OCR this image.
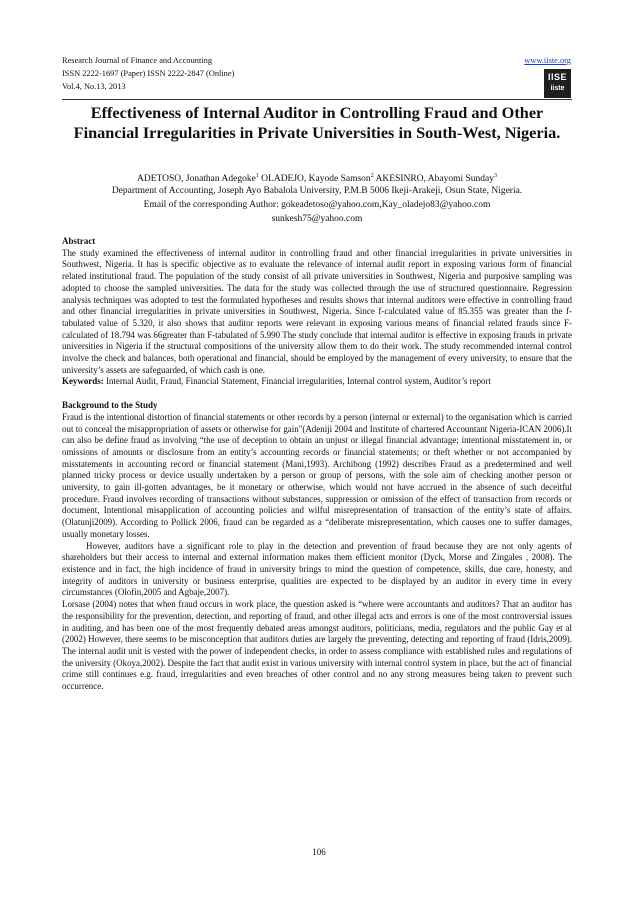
Research Journal of Finance and Accounting
ISSN 2222-1697 (Paper) ISSN 2222-2847 (Online)
Vol.4, No.13, 2013
www.iiste.org
IISE
iiste
Effectiveness of Internal Auditor in Controlling Fraud and Other Financial Irregularities in Private Universities in South-West, Nigeria.
ADETOSO, Jonathan Adegoke$^1$ OLADEJO, Kayode Samson$^2$ AKESINRO, Abayomi Sunday$^3$
Department of Accounting, Joseph Ayo Babalola University, P.M.B 5006 Ikeji-Arakeji, Osun State, Nigeria.
Email of the corresponding Author: gokeadetoso@yahoo.com,Kay_oladejo83@yahoo.com
sunkesh75@yahoo.com

Abstract

The study examined the effectiveness of internal auditor in controlling fraud and other financial irregularities in private universities in Southwest, Nigeria. It has is specific objective as to evaluate the relevance of internal audit report in exposing various form of financial related institutional fraud. The population of the study consist of all private universities in Southwest, Nigeria and purposive sampling was adopted to choose the sampled universities. The data for the study was collected through the use of structured questionnaire. Regression analysis techniques was adopted to test the formulated hypotheses and results shows that internal auditors were effective in controlling fraud and other financial irregularities in private universities in Southwest, Nigeria. Since f-calculated value of 85.355 was greater than the f-tabulated value of 5.320, it also shows that auditor reports were relevant in exposing various means of financial related frauds since F-calculated of 18.794 was 66greater than F-tabulated of 5.990 The study conclude that internal auditor is effective in exposing frauds in private universities in Nigeria if the structural compositions of the university allow them to do their work. The study recommended internal control involve the check and balances, both operational and financial, should be employed by the management of every university, to ensure that the university’s assets are safeguarded, of which cash is one.

Keywords: Internal Audit, Fraud, Financial Statement, Financial irregularities, Internal control system, Auditor’s report

Background to the Study

Fraud is the intentional distortion of financial statements or other records by a person (internal or external) to the organisation which is carried out to conceal the misappropriation of assets or otherwise for gain"(Adeniji 2004 and Institute of chartered Accountant Nigeria-ICAN 2006).It can also be define fraud as involving “the use of deception to obtain an unjust or illegal financial advantage; intentional misstatement in, or omissions of amounts or disclosure from an entity’s accounting records or financial statements; or theft whether or not accompanied by misstatements in accounting record or financial statement (Mani,1993). Archibong (1992) describes Fraud as a predetermined and well planned tricky process or device usually undertaken by a person or group of persons, with the sole aim of checking another person or university, to gain ill-gotten advantages, be it monetary or otherwise, which would not have accrued in the absence of such deceitful procedure. Fraud involves recording of transactions without substances, suppression or omission of the effect of transaction from records or document, Intentional misapplication of accounting policies and wilful misrepresentation of transaction of the entity’s state of affairs. (Olatunji2009). According to Pollick 2006, fraud can be regarded as a “deliberate misrepresentation, which causes one to suffer damages, usually monetary losses.

However, auditors have a significant role to play in the detection and prevention of fraud because they are not only agents of shareholders but their access to internal and external information makes them efficient monitor (Dyck, Morse and Zingales , 2008). The existence and in fact, the high incidence of fraud in university brings to mind the question of competence, skills, due care, honesty, and integrity of auditors in university or business enterprise, qualities are expected to be displayed by an auditor in every time in every circumstances (Olofin,2005 and Agbaje,2007).

Lorsase (2004) notes that when fraud occurs in work place, the question asked is “where were accountants and auditors? That an auditor has the responsibility for the prevention, detection, and reporting of fraud, and other illegal acts and errors is one of the most controversial issues in auditing, and has been one of the most frequently debated areas amongst auditors, politicians, media, regulators and the public Gay et al (2002) However, there seems to be misconception that auditors duties are largely the preventing, detecting and reporting of fraud (Idris,2009). The internal audit unit is vested with the power of independent checks, in order to assess compliance with established rules and regulations of the university (Okoya,2002). Despite the fact that audit exist in various university with internal control system in place, but the act of financial crime still continues e.g. fraud, irregularities and even breaches of other control and no any strong measures being taken to prevent such occurrence.

106
